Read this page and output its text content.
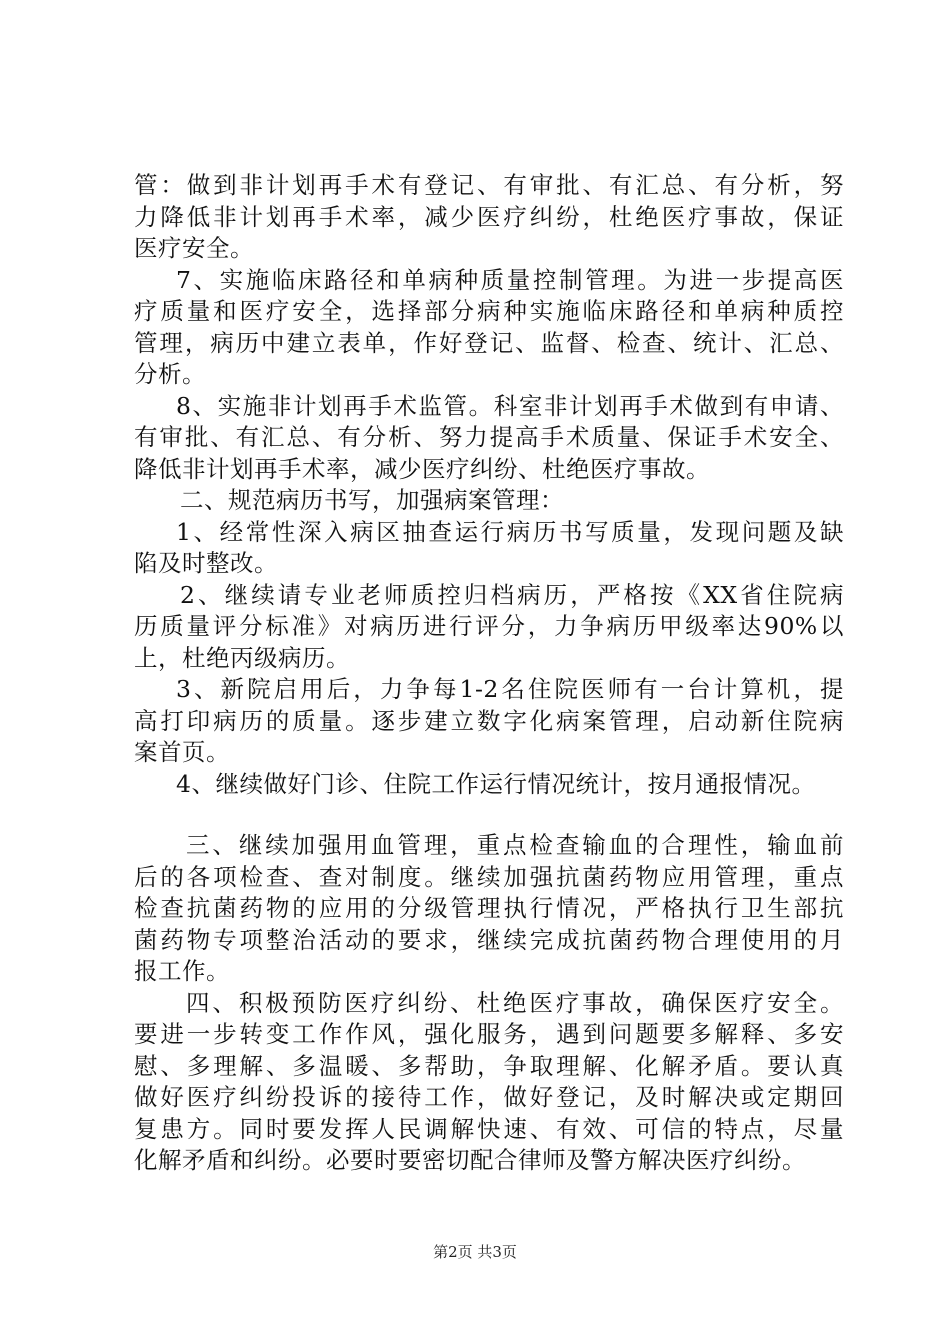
管：做到非计划再手术有登记、有审批、有汇总、有分析，努
力降低非计划再手术率，减少医疗纠纷，杜绝医疗事故，保证
医疗安全。
7、实施临床路径和单病种质量控制管理。为进一步提高医
疗质量和医疗安全，选择部分病种实施临床路径和单病种质控
管理，病历中建立表单，作好登记、监督、检查、统计、汇总、
分析。
8、实施非计划再手术监管。科室非计划再手术做到有申请、
有审批、有汇总、有分析、努力提高手术质量、保证手术安全、
降低非计划再手术率，减少医疗纠纷、杜绝医疗事故。
二、规范病历书写，加强病案管理：
1、经常性深入病区抽查运行病历书写质量，发现问题及缺
陷及时整改。
2、继续请专业老师质控归档病历，严格按《XX省住院病
历质量评分标准》对病历进行评分，力争病历甲级率达90%以
上，杜绝丙级病历。
3、新院启用后，力争每1-2名住院医师有一台计算机，提
高打印病历的质量。逐步建立数字化病案管理，启动新住院病
案首页。
4、继续做好门诊、住院工作运行情况统计，按月通报情况。
三、继续加强用血管理，重点检查输血的合理性，输血前
后的各项检查、查对制度。继续加强抗菌药物应用管理，重点
检查抗菌药物的应用的分级管理执行情况，严格执行卫生部抗
菌药物专项整治活动的要求，继续完成抗菌药物合理使用的月
报工作。
四、积极预防医疗纠纷、杜绝医疗事故，确保医疗安全。
要进一步转变工作作风，强化服务，遇到问题要多解释、多安
慰、多理解、多温暖、多帮助，争取理解、化解矛盾。要认真
做好医疗纠纷投诉的接待工作，做好登记，及时解决或定期回
复患方。同时要发挥人民调解快速、有效、可信的特点，尽量
化解矛盾和纠纷。必要时要密切配合律师及警方解决医疗纠纷。
第2页 共3页
